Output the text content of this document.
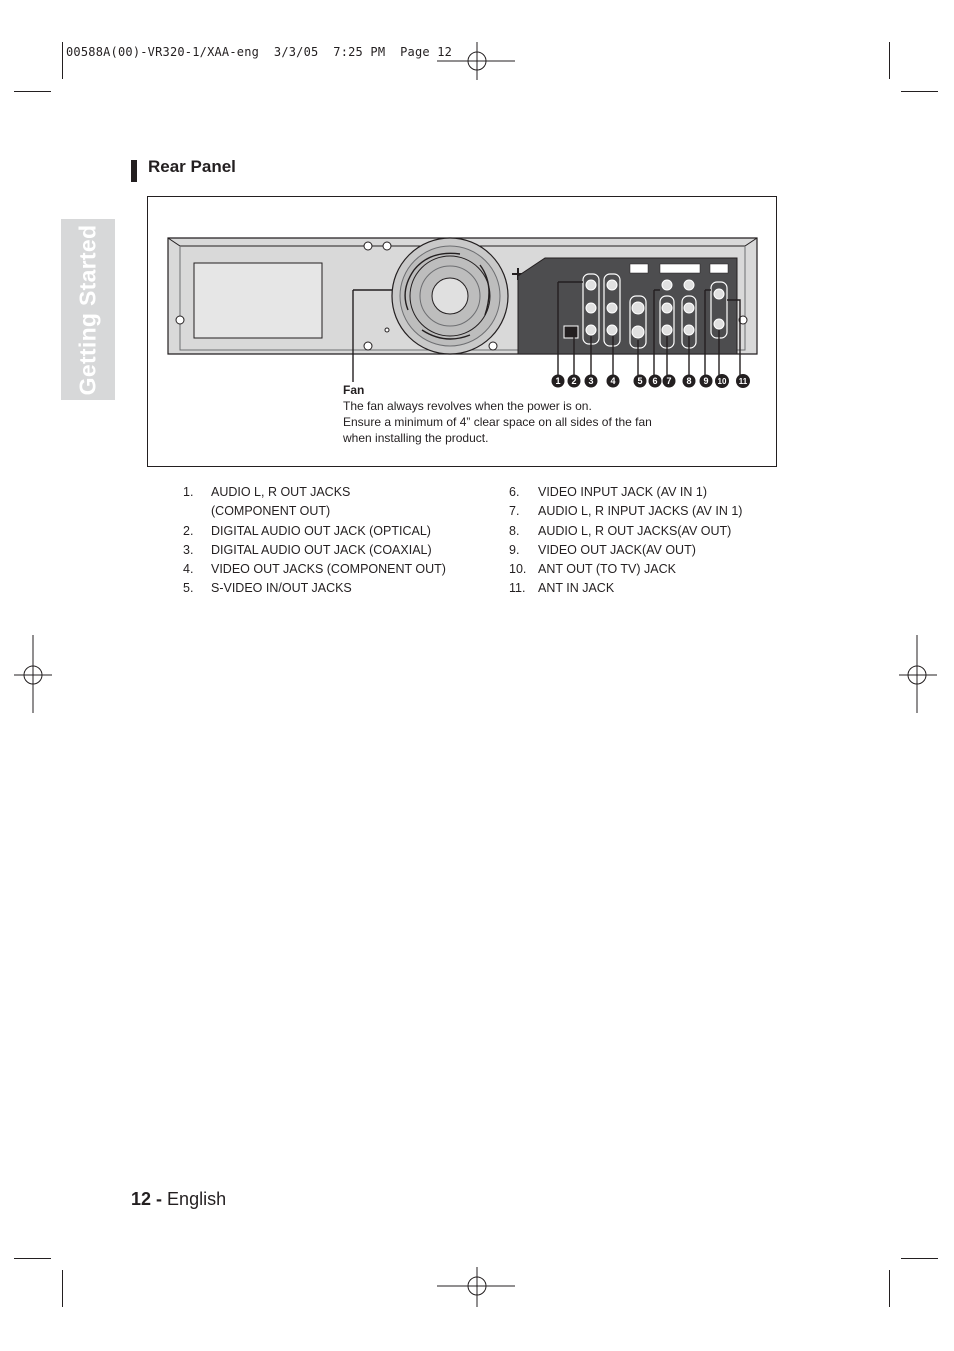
00588A(00)-VR320-1/XAA-eng  3/3/05  7:25 PM  Page 12
Getting Started
Rear Panel
1 2 3 4 5 6 7 8 9 10 11
Fan
The fan always revolves when the power is on.
Ensure a minimum of 4” clear space on all sides of the fan
when installing the product.
1. AUDIO L, R OUT JACKS
(COMPONENT OUT)
2. DIGITAL AUDIO OUT JACK (OPTICAL)
3. DIGITAL AUDIO OUT JACK (COAXIAL)
4. VIDEO OUT JACKS (COMPONENT OUT)
5. S-VIDEO IN/OUT JACKS
6. VIDEO INPUT JACK (AV IN 1)
7. AUDIO L, R INPUT JACKS (AV IN 1)
8. AUDIO L, R OUT JACKS(AV OUT)
9. VIDEO OUT JACK(AV OUT)
10. ANT OUT (TO TV) JACK
11. ANT IN JACK
12 - English
